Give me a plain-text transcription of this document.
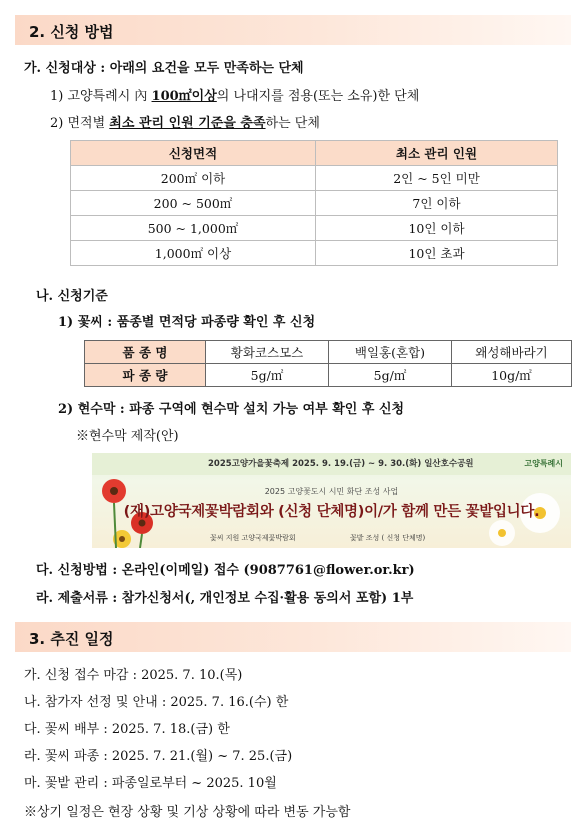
2. 신청 방법
가. 신청대상 : 아래의 요건을 모두 만족하는 단체
1) 고양특례시 內 100㎡이상의 나대지를 점용(또는 소유)한 단체
2) 면적별 최소 관리 인원 기준을 충족하는 단체
신청면적	최소 관리 인원
200㎡ 이하	2인 ~ 5인 미만
200 ~ 500㎡	7인 이하
500 ~ 1,000㎡	10인 이하
1,000㎡ 이상	10인 초과
나. 신청기준
1) 꽃씨 : 품종별 면적당 파종량 확인 후 신청
품 종 명	황화코스모스	백일홍(혼합)	왜성해바라기
파 종 량	5g/㎡	5g/㎡	10g/㎡
2) 현수막 : 파종 구역에 현수막 설치 가능 여부 확인 후 신청
※현수막 제작(안)
2025고양가을꽃축제 2025. 9. 19.(금) ~ 9. 30.(화) 일산호수공원	고양특례시
2025 고양꽃도시 시민 화단 조성 사업
(재)고양국제꽃박람회와 (신청 단체명)이/가 함께 만든 꽃밭입니다.
꽃씨 지원 고양국제꽃박람회	꽃밭 조성 ( 신청 단체명)
다. 신청방법 : 온라인(이메일) 접수 (9087761@flower.or.kr)
라. 제출서류 : 참가신청서(, 개인정보 수집·활용 동의서 포함) 1부
3. 추진 일정
가. 신청 접수 마감 : 2025. 7. 10.(목)
나. 참가자 선정 및 안내 : 2025. 7. 16.(수) 한
다. 꽃씨 배부 : 2025. 7. 18.(금) 한
라. 꽃씨 파종 : 2025. 7. 21.(월) ~ 7. 25.(금)
마. 꽃밭 관리 : 파종일로부터 ~ 2025. 10월
※상기 일정은 현장 상황 및 기상 상황에 따라 변동 가능함
